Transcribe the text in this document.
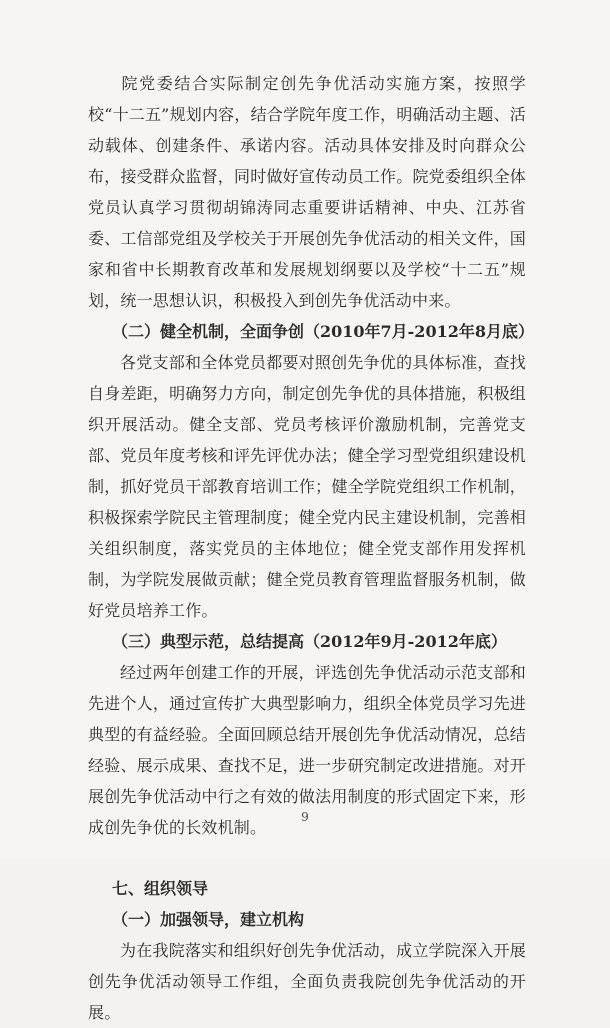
院党委结合实际制定创先争优活动实施方案，按照学校“十二五”规划内容，结合学院年度工作，明确活动主题、活动载体、创建条件、承诺内容。活动具体安排及时向群众公布，接受群众监督，同时做好宣传动员工作。院党委组织全体党员认真学习贯彻胡锦涛同志重要讲话精神、中央、江苏省委、工信部党组及学校关于开展创先争优活动的相关文件，国家和省中长期教育改革和发展规划纲要以及学校“十二五”规划，统一思想认识，积极投入到创先争优活动中来。

（二）健全机制，全面争创（2010年7月-2012年8月底）

各党支部和全体党员都要对照创先争优的具体标准，查找自身差距，明确努力方向，制定创先争优的具体措施，积极组织开展活动。健全支部、党员考核评价激励机制，完善党支部、党员年度考核和评先评优办法；健全学习型党组织建设机制，抓好党员干部教育培训工作；健全学院党组织工作机制，积极探索学院民主管理制度；健全党内民主建设机制，完善相关组织制度，落实党员的主体地位；健全党支部作用发挥机制，为学院发展做贡献；健全党员教育管理监督服务机制，做好党员培养工作。

（三）典型示范，总结提高（2012年9月-2012年底）

经过两年创建工作的开展，评选创先争优活动示范支部和先进个人，通过宣传扩大典型影响力，组织全体党员学习先进典型的有益经验。全面回顾总结开展创先争优活动情况，总结经验、展示成果、查找不足，进一步研究制定改进措施。对开展创先争优活动中行之有效的做法用制度的形式固定下来，形成创先争优的长效机制。

七、组织领导

（一）加强领导，建立机构

为在我院落实和组织好创先争优活动，成立学院深入开展创先争优活动领导工作组，全面负责我院创先争优活动的开展。

9
